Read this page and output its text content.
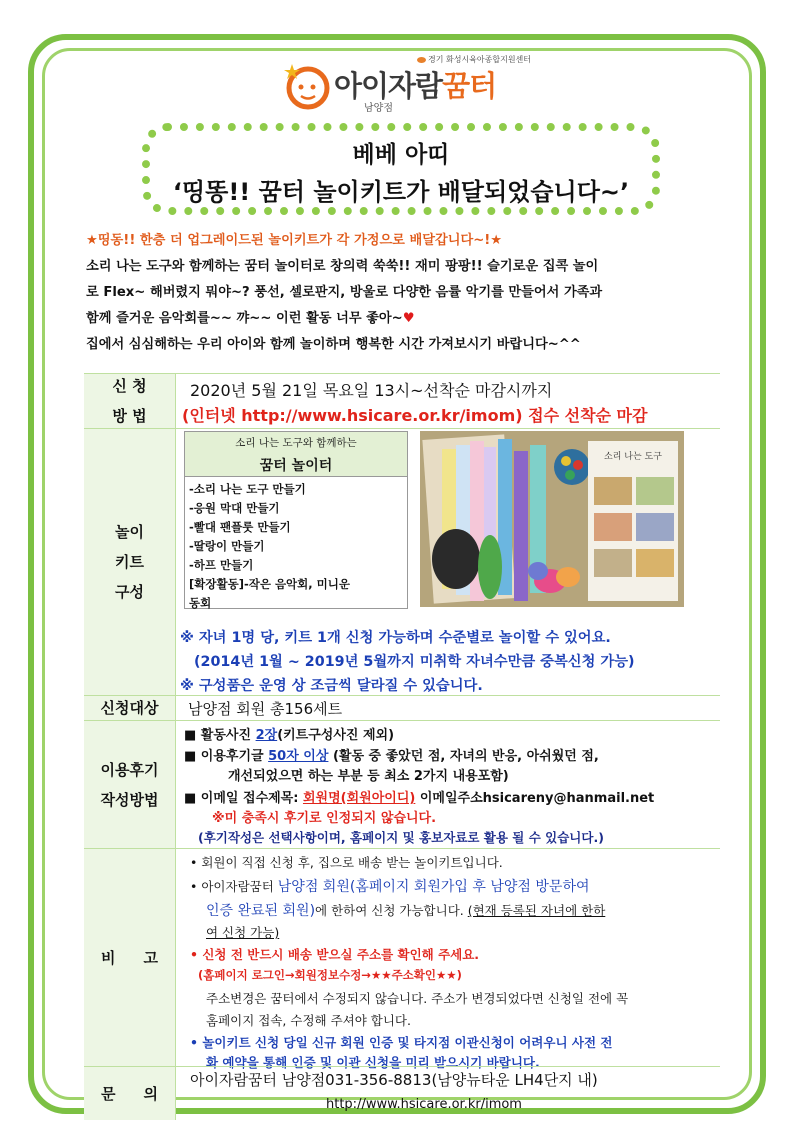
경기 화성시육아종합지원센터
아이자람꿈터
남양점
베베 아띠
‘띵똥!! 꿈터 놀이키트가 배달되었습니다~’
★띵동!! 한층 더 업그레이드된 놀이키트가 각 가정으로 배달갑니다~!★
소리 나는 도구와 함께하는 꿈터 놀이터로 창의력 쑥쑥!! 재미 팡팡!! 슬기로운 집콕 놀이
로 Flex~ 해버렸지 뭐야~? 풍선, 셀로판지, 방울로 다양한 음률 악기를 만들어서 가족과
함께 즐거운 음악회를~~ 꺄~~ 이런 활동 너무 좋아~♥
집에서 심심해하는 우리 아이와 함께 놀이하며 행복한 시간 가져보시기 바랍니다~^^
신 청
방 법
2020년 5월 21일 목요일 13시~선착순 마감시까지
(인터넷 http://www.hsicare.or.kr/imom) 접수 선착순 마감
놀이
키트
구성
소리 나는 도구와 함께하는
꿈터 놀이터
-소리 나는 도구 만들기
-응원 막대 만들기
-빨대 팬플룻 만들기
-딸랑이 만들기
-하프 만들기
[확장활동]-작은 음악회, 미니운
동회
소리 나는 도구
※ 자녀 1명 당, 키트 1개 신청 가능하며 수준별로 놀이할 수 있어요.
(2014년 1월 ~ 2019년 5월까지 미취학 자녀수만큼 중복신청 가능)
※ 구성품은 운영 상 조금씩 달라질 수 있습니다.
신청대상	남양점 회원 총156세트
이용후기
작성방법
■ 활동사진 2장(키트구성사진 제외)
■ 이용후기글 50자 이상 (활동 중 좋았던 점, 자녀의 반응, 아쉬웠던 점,
개선되었으면 하는 부분 등 최소 2가지 내용포함)
■ 이메일 접수제목: 회원명(회원아이디) 이메일주소hsicareny@hanmail.net
※미 충족시 후기로 인정되지 않습니다.
(후기작성은 선택사항이며, 홈페이지 및 홍보자료로 활용 될 수 있습니다.)
비 고
• 회원이 직접 신청 후, 집으로 배송 받는 놀이키트입니다.
• 아이자람꿈터 남양점 회원(홈페이지 회원가입 후 남양점 방문하여
인증 완료된 회원)에 한하여 신청 가능합니다. (현재 등록된 자녀에 한하
여 신청 가능)
• 신청 전 반드시 배송 받으실 주소를 확인해 주세요.
(홈페이지 로그인→회원정보수정→★★주소확인★★)
주소변경은 꿈터에서 수정되지 않습니다. 주소가 변경되었다면 신청일 전에 꼭
홈페이지 접속, 수정해 주셔야 합니다.
• 놀이키트 신청 당일 신규 회원 인증 및 타지점 이관신청이 어려우니 사전 전
화 예약을 통해 인증 및 이관 신청을 미리 받으시기 바랍니다.
문 의
아이자람꿈터 남양점031-356-8813(남양뉴타운 LH4단지 내)
http://www.hsicare.or.kr/imom
